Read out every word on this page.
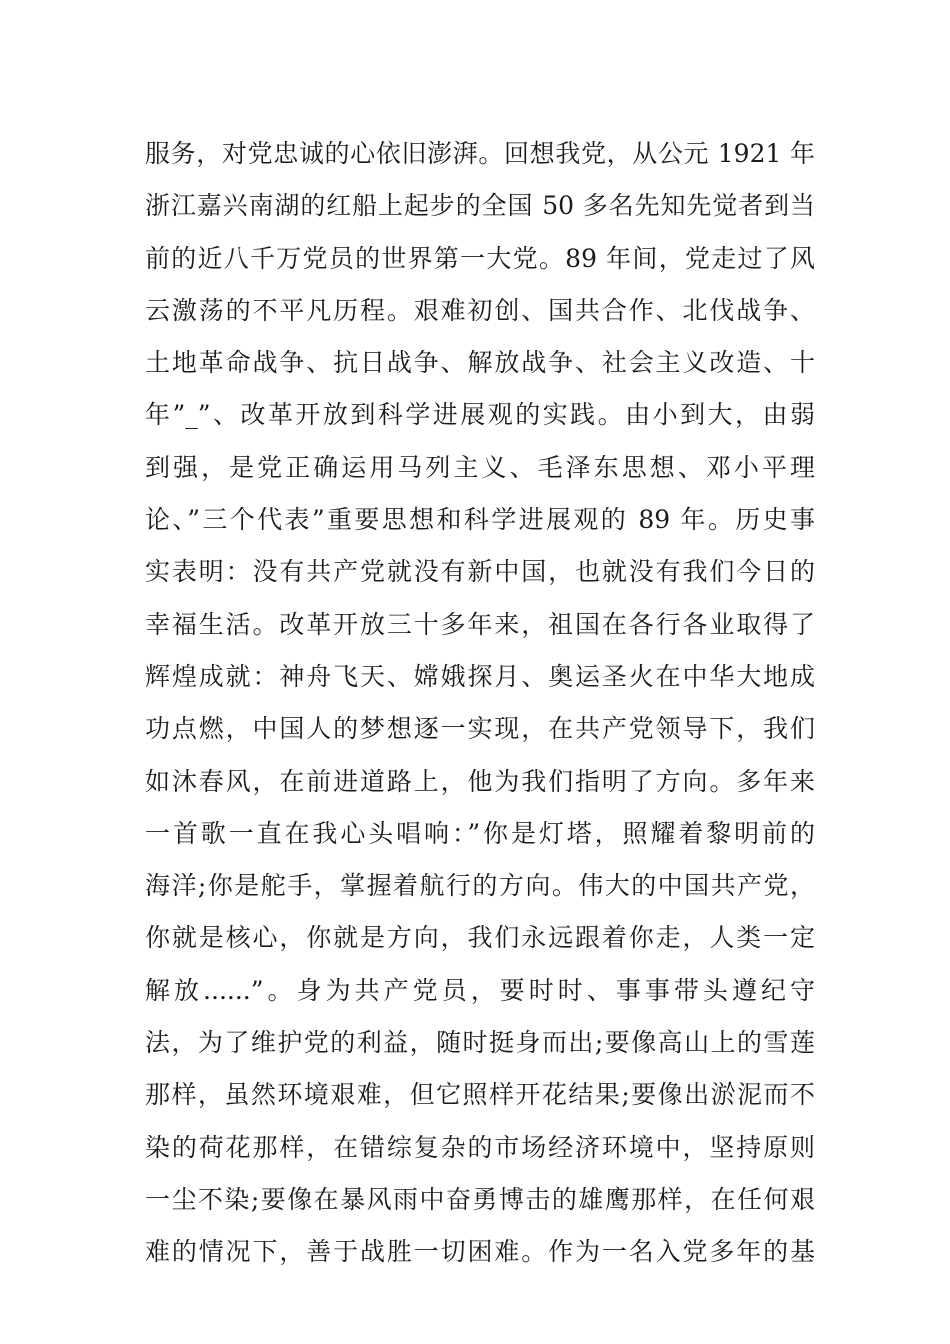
服务，对党忠诚的心依旧澎湃。回想我党，从公元 1921 年
浙江嘉兴南湖的红船上起步的全国 50 多名先知先觉者到当
前的近八千万党员的世界第一大党。89 年间，党走过了风
云激荡的不平凡历程。艰难初创、国共合作、北伐战争、
土地革命战争、抗日战争、解放战争、社会主义改造、十
年”_”、改革开放到科学进展观的实践。由小到大，由弱
到强，是党正确运用马列主义、毛泽东思想、邓小平理
论、”三个代表”重要思想和科学进展观的 89 年。历史事
实表明：没有共产党就没有新中国，也就没有我们今日的
幸福生活。改革开放三十多年来，祖国在各行各业取得了
辉煌成就：神舟飞天、嫦娥探月、奥运圣火在中华大地成
功点燃，中国人的梦想逐一实现，在共产党领导下，我们
如沐春风，在前进道路上，他为我们指明了方向。多年来
一首歌一直在我心头唱响：”你是灯塔，照耀着黎明前的
海洋;你是舵手，掌握着航行的方向。伟大的中国共产党，
你就是核心，你就是方向，我们永远跟着你走，人类一定
解放......”。身为共产党员，要时时、事事带头遵纪守
法，为了维护党的利益，随时挺身而出;要像高山上的雪莲
那样，虽然环境艰难，但它照样开花结果;要像出淤泥而不
染的荷花那样，在错综复杂的市场经济环境中，坚持原则
一尘不染;要像在暴风雨中奋勇博击的雄鹰那样，在任何艰
难的情况下，善于战胜一切困难。作为一名入党多年的基
